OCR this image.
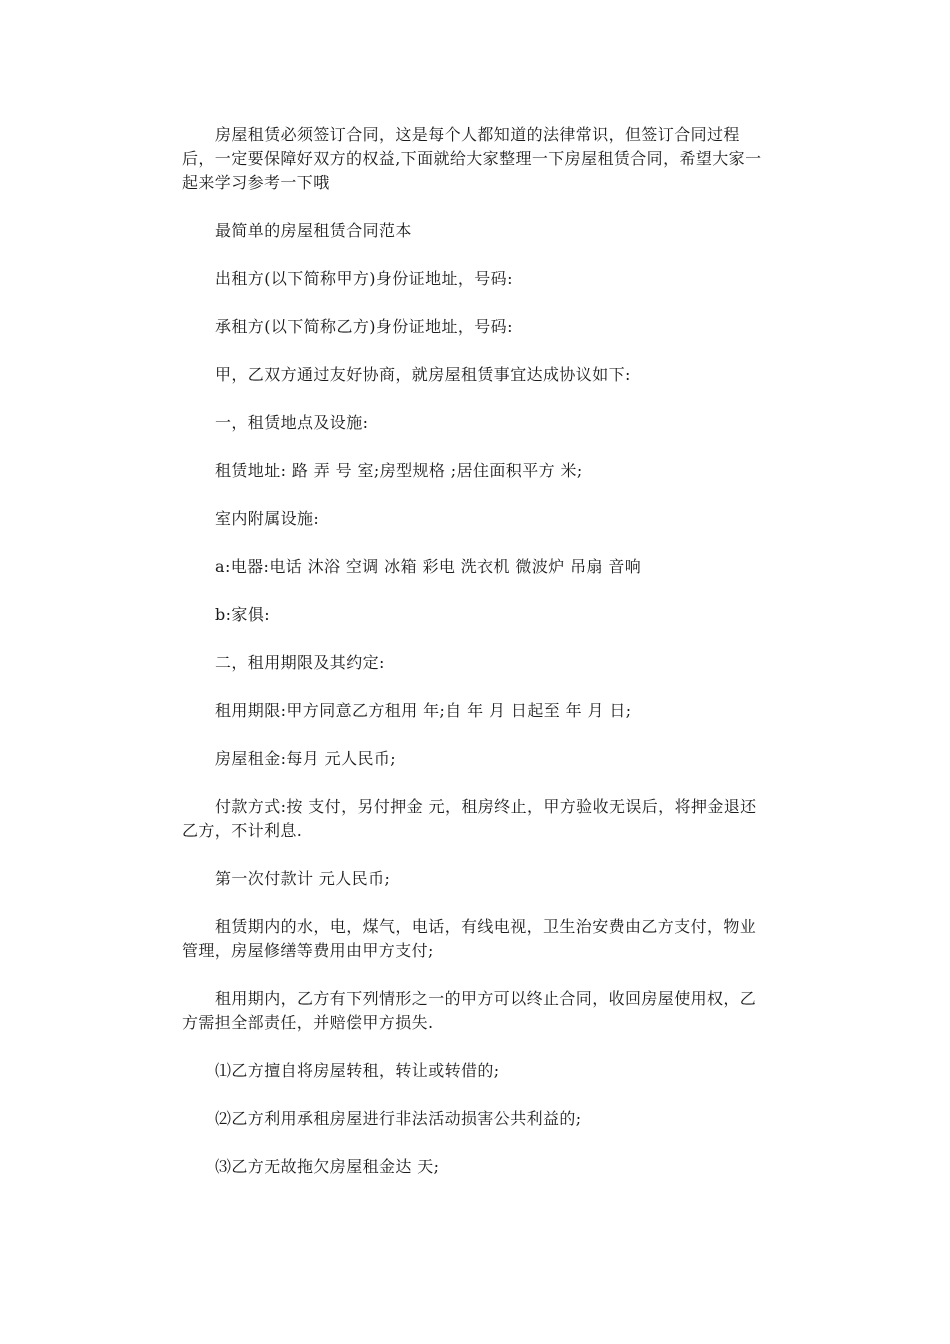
房屋租赁必须签订合同，这是每个人都知道的法律常识，但签订合同过程后，一定要保障好双方的权益,下面就给大家整理一下房屋租赁合同，希望大家一起来学习参考一下哦

最简单的房屋租赁合同范本

出租方(以下简称甲方)身份证地址，号码:

承租方(以下简称乙方)身份证地址，号码:

甲，乙双方通过友好协商，就房屋租赁事宜达成协议如下:

一，租赁地点及设施:

租赁地址: 路 弄 号 室;房型规格 ;居住面积平方 米;

室内附属设施:

a:电器:电话 沐浴 空调 冰箱 彩电 洗衣机 微波炉 吊扇 音响

b:家俱:

二，租用期限及其约定:

租用期限:甲方同意乙方租用 年;自 年 月 日起至 年 月 日;

房屋租金:每月 元人民币;

付款方式:按 支付，另付押金 元，租房终止，甲方验收无误后，将押金退还乙方，不计利息.

第一次付款计 元人民币;

租赁期内的水，电，煤气，电话，有线电视，卫生治安费由乙方支付，物业管理，房屋修缮等费用由甲方支付;

租用期内，乙方有下列情形之一的甲方可以终止合同，收回房屋使用权，乙方需担全部责任，并赔偿甲方损失.

⑴乙方擅自将房屋转租，转让或转借的;

⑵乙方利用承租房屋进行非法活动损害公共利益的;

⑶乙方无故拖欠房屋租金达 天;
